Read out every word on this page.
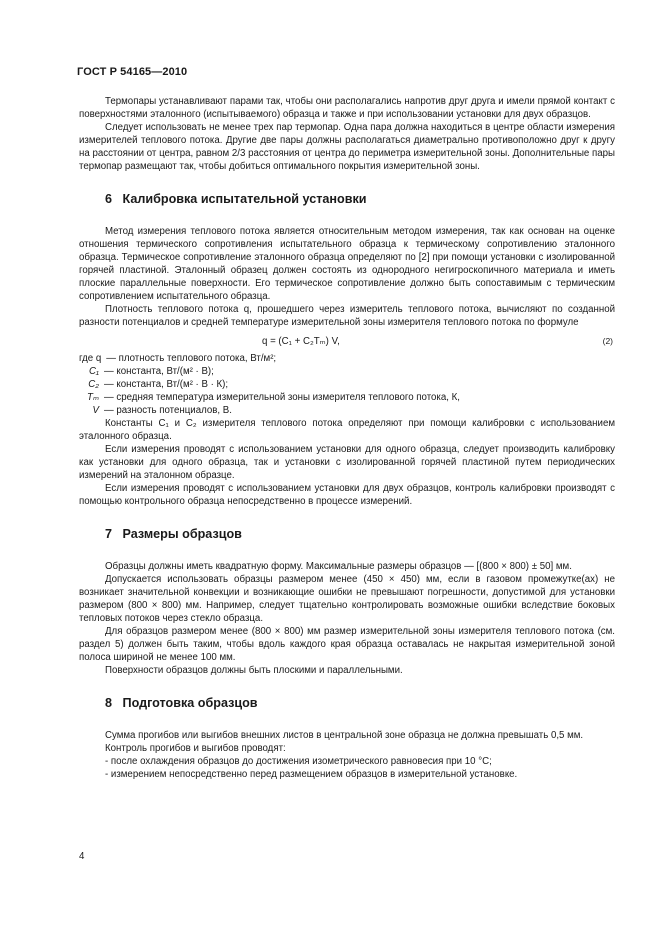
ГОСТ Р 54165—2010

Термопары устанавливают парами так, чтобы они располагались напротив друг друга и имели прямой контакт с поверхностями эталонного (испытываемого) образца и также и при использовании установки для двух образцов.

Следует использовать не менее трех пар термопар. Одна пара должна находиться в центре области измерения измерителей теплового потока. Другие две пары должны располагаться диаметрально противоположно друг к другу на расстоянии от центра, равном 2/3 расстояния от центра до периметра измерительной зоны. Дополнительные пары термопар размещают так, чтобы добиться оптимального покрытия измерительной зоны.

6 Калибровка испытательной установки

Метод измерения теплового потока является относительным методом измерения, так как основан на оценке отношения термического сопротивления испытательного образца к термическому сопротивлению эталонного образца. Термическое сопротивление эталонного образца определяют по [2] при помощи установки с изолированной горячей пластиной. Эталонный образец должен состоять из однородного негигроскопичного материала и иметь плоские параллельные поверхности. Его термическое сопротивление должно быть сопоставимым с термическим сопротивлением испытательного образца.

Плотность теплового потока q, прошедшего через измеритель теплового потока, вычисляют по созданной разности потенциалов и средней температуре измерительной зоны измерителя теплового потока по формуле

q = (C₁ + C₂Tₘ) V,	(2)
где q — плотность теплового потока, Вт/м²;
C₁ — константа, Вт/(м² · В);
C₂ — константа, Вт/(м² · В · К);
Tₘ — средняя температура измерительной зоны измерителя теплового потока, К,
V — разность потенциалов, В.

Константы C₁ и C₂ измерителя теплового потока определяют при помощи калибровки с использованием эталонного образца.

Если измерения проводят с использованием установки для одного образца, следует производить калибровку как установки для одного образца, так и установки с изолированной горячей пластиной путем периодических измерений на эталонном образце.

Если измерения проводят с использованием установки для двух образцов, контроль калибровки производят с помощью контрольного образца непосредственно в процессе измерений.

7 Размеры образцов

Образцы должны иметь квадратную форму. Максимальные размеры образцов — [(800 × 800) ± 50] мм.

Допускается использовать образцы размером менее (450 × 450) мм, если в газовом промежутке(ах) не возникает значительной конвекции и возникающие ошибки не превышают погрешности, допустимой для установки размером (800 × 800) мм. Например, следует тщательно контролировать возможные ошибки вследствие боковых тепловых потоков через стекло образца.

Для образцов размером менее (800 × 800) мм размер измерительной зоны измерителя теплового потока (см. раздел 5) должен быть таким, чтобы вдоль каждого края образца оставалась не накрытая измерительной зоной полоса шириной не менее 100 мм.

Поверхности образцов должны быть плоскими и параллельными.

8 Подготовка образцов

Сумма прогибов или выгибов внешних листов в центральной зоне образца не должна превышать 0,5 мм.

Контроль прогибов и выгибов проводят:

- после охлаждения образцов до достижения изометрического равновесия при 10 °C;

- измерением непосредственно перед размещением образцов в измерительной установке.

4
